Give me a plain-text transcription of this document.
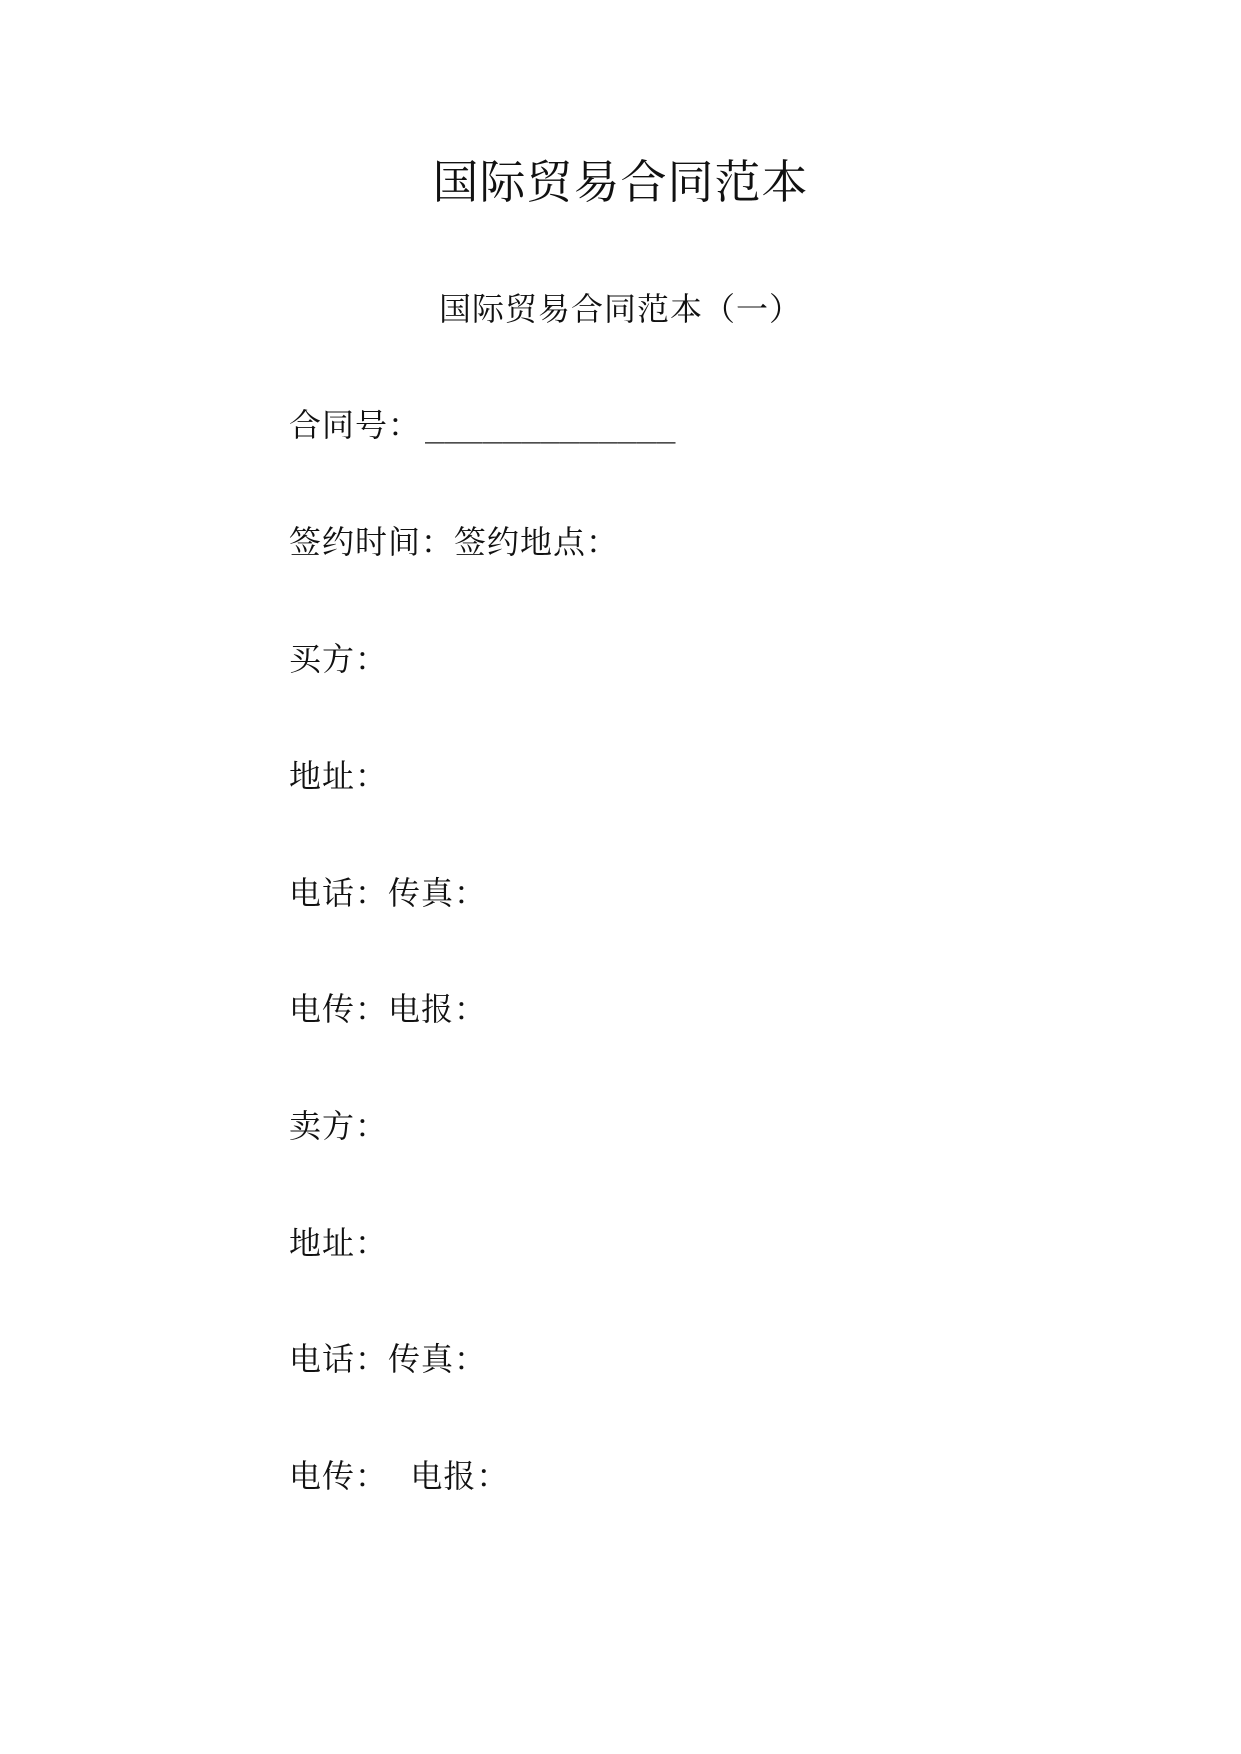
国际贸易合同范本
国际贸易合同范本（一）
合同号： _____________
签约时间：签约地点：
买方：
地址：
电话：传真：
电传：电报：
卖方：
地址：
电话：传真：
电传：  电报：
